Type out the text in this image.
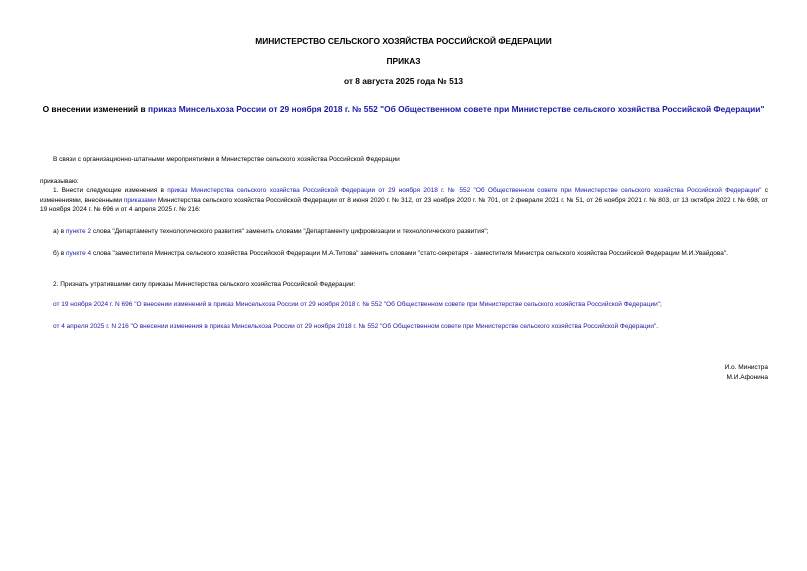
МИНИСТЕРСТВО СЕЛЬСКОГО ХОЗЯЙСТВА РОССИЙСКОЙ ФЕДЕРАЦИИ

ПРИКАЗ

от 8 августа 2025 года № 513

О внесении изменений в приказ Минсельхоза России от 29 ноября 2018 г. № 552 "Об Общественном совете при Министерстве сельского хозяйства Российской Федерации"

В связи с организационно-штатными мероприятиями в Министерстве сельского хозяйства Российской Федерации

приказываю:

1. Внести следующие изменения в приказ Министерства сельского хозяйства Российской Федерации от 29 ноября 2018 г. № 552 "Об Общественном совете при Министерстве сельского хозяйства Российской Федерации" с изменениями, внесенными приказами Министерства сельского хозяйства Российской Федерации от 8 июня 2020 г. № 312, от 23 ноября 2020 г. № 701, от 2 февраля 2021 г. № 51, от 26 ноября 2021 г. № 803, от 13 октября 2022 г. № 698, от 19 ноября 2024 г. № 696 и от 4 апреля 2025 г. № 216:

а) в пункте 2 слова "Департаменту технологического развития" заменить словами "Департаменту цифровизации и технологического развития";

б) в пункте 4 слова "заместителя Министра сельского хозяйства Российской Федерации М.А.Титова" заменить словами "статс-секретаря - заместителя Министра сельского хозяйства Российской Федерации М.И.Увайдова".

2. Признать утратившими силу приказы Министерства сельского хозяйства Российской Федерации:

от 19 ноября 2024 г. N 696 "О внесении изменений в приказ Минсельхоза России от 29 ноября 2018 г. № 552 "Об Общественном совете при Министерстве сельского хозяйства Российской Федерации";

от 4 апреля 2025 г. N 216 "О внесении изменения в приказ Минсельхоза России от 29 ноября 2018 г. № 552 "Об Общественном совете при Министерстве сельского хозяйства Российской Федерации".

И.о. Министра

М.И.Афонина
